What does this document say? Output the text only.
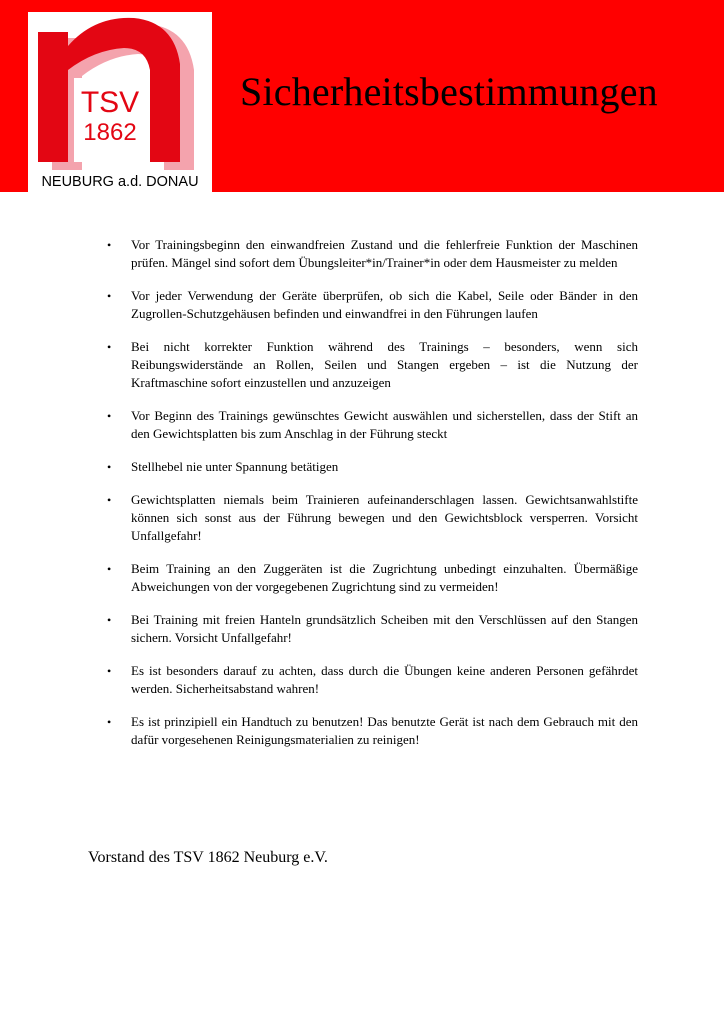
TSV
1862
NEUBURG a.d. DONAU
Sicherheitsbestimmungen
•	Vor Trainingsbeginn den einwandfreien Zustand und die fehlerfreie Funktion der Maschinen prüfen. Mängel sind sofort dem Übungsleiter*in/Trainer*in oder dem Hausmeister zu melden
•	Vor jeder Verwendung der Geräte überprüfen, ob sich die Kabel, Seile oder Bänder in den Zugrollen-Schutzgehäusen befinden und einwandfrei in den Führungen laufen
•	Bei nicht korrekter Funktion während des Trainings – besonders, wenn sich Reibungswiderstände an Rollen, Seilen und Stangen ergeben – ist die Nutzung der Kraftmaschine sofort einzustellen und anzuzeigen
•	Vor Beginn des Trainings gewünschtes Gewicht auswählen und sicherstellen, dass der Stift an den Gewichtsplatten bis zum Anschlag in der Führung steckt
•	Stellhebel nie unter Spannung betätigen
•	Gewichtsplatten niemals beim Trainieren aufeinanderschlagen lassen. Gewichtsanwahlstifte können sich sonst aus der Führung bewegen und den Gewichtsblock versperren. Vorsicht Unfallgefahr!
•	Beim Training an den Zuggeräten ist die Zugrichtung unbedingt einzuhalten. Übermäßige Abweichungen von der vorgegebenen Zugrichtung sind zu vermeiden!
•	Bei Training mit freien Hanteln grundsätzlich Scheiben mit den Verschlüssen auf den Stangen sichern. Vorsicht Unfallgefahr!
•	Es ist besonders darauf zu achten, dass durch die Übungen keine anderen Personen gefährdet werden. Sicherheitsabstand wahren!
•	Es ist prinzipiell ein Handtuch zu benutzen! Das benutzte Gerät ist nach dem Gebrauch mit den dafür vorgesehenen Reinigungsmaterialien zu reinigen!
Vorstand des TSV 1862 Neuburg e.V.
